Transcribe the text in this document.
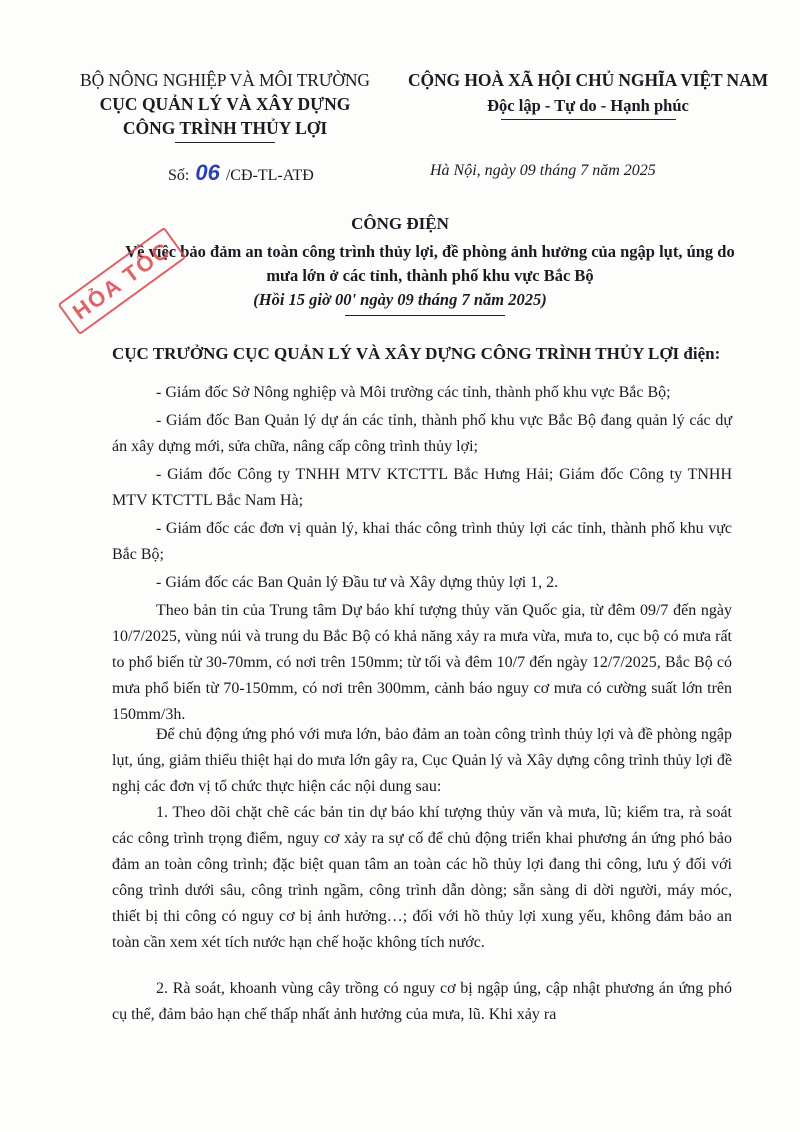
BỘ NÔNG NGHIỆP VÀ MÔI TRƯỜNG
CỤC QUẢN LÝ VÀ XÂY DỰNG
CÔNG TRÌNH THỦY LỢI
CỘNG HOÀ XÃ HỘI CHỦ NGHĨA VIỆT NAM
Độc lập - Tự do - Hạnh phúc
Số: 06 /CĐ-TL-ATĐ	Hà Nội, ngày 09 tháng 7 năm 2025
CÔNG ĐIỆN
Về việc bảo đảm an toàn công trình thủy lợi, đề phòng ảnh hưởng của ngập lụt, úng do mưa lớn ở các tỉnh, thành phố khu vực Bắc Bộ
(Hồi 15 giờ 00' ngày 09 tháng 7 năm 2025)
HỎA TỐC
CỤC TRƯỞNG CỤC QUẢN LÝ VÀ XÂY DỰNG CÔNG TRÌNH THỦY LỢI điện:
- Giám đốc Sở Nông nghiệp và Môi trường các tỉnh, thành phố khu vực Bắc Bộ;
- Giám đốc Ban Quản lý dự án các tỉnh, thành phố khu vực Bắc Bộ đang quản lý các dự án xây dựng mới, sửa chữa, nâng cấp công trình thủy lợi;
- Giám đốc Công ty TNHH MTV KTCTTL Bắc Hưng Hải; Giám đốc Công ty TNHH MTV KTCTTL Bắc Nam Hà;
- Giám đốc các đơn vị quản lý, khai thác công trình thủy lợi các tỉnh, thành phố khu vực Bắc Bộ;
- Giám đốc các Ban Quản lý Đầu tư và Xây dựng thủy lợi 1, 2.
Theo bản tin của Trung tâm Dự báo khí tượng thủy văn Quốc gia, từ đêm 09/7 đến ngày 10/7/2025, vùng núi và trung du Bắc Bộ có khả năng xảy ra mưa vừa, mưa to, cục bộ có mưa rất to phổ biến từ 30-70mm, có nơi trên 150mm; từ tối và đêm 10/7 đến ngày 12/7/2025, Bắc Bộ có mưa phổ biến từ 70-150mm, có nơi trên 300mm, cảnh báo nguy cơ mưa có cường suất lớn trên 150mm/3h.
Để chủ động ứng phó với mưa lớn, bảo đảm an toàn công trình thủy lợi và đề phòng ngập lụt, úng, giảm thiểu thiệt hại do mưa lớn gây ra, Cục Quản lý và Xây dựng công trình thủy lợi đề nghị các đơn vị tổ chức thực hiện các nội dung sau:
1. Theo dõi chặt chẽ các bản tin dự báo khí tượng thủy văn và mưa, lũ; kiểm tra, rà soát các công trình trọng điểm, nguy cơ xảy ra sự cố để chủ động triển khai phương án ứng phó bảo đảm an toàn công trình; đặc biệt quan tâm an toàn các hồ thủy lợi đang thi công, lưu ý đối với công trình dưới sâu, công trình ngầm, công trình dẫn dòng; sẵn sàng di dời người, máy móc, thiết bị thi công có nguy cơ bị ảnh hưởng…; đối với hồ thủy lợi xung yếu, không đảm bảo an toàn cần xem xét tích nước hạn chế hoặc không tích nước.
2. Rà soát, khoanh vùng cây trồng có nguy cơ bị ngập úng, cập nhật phương án ứng phó cụ thể, đảm bảo hạn chế thấp nhất ảnh hưởng của mưa, lũ. Khi xảy ra
